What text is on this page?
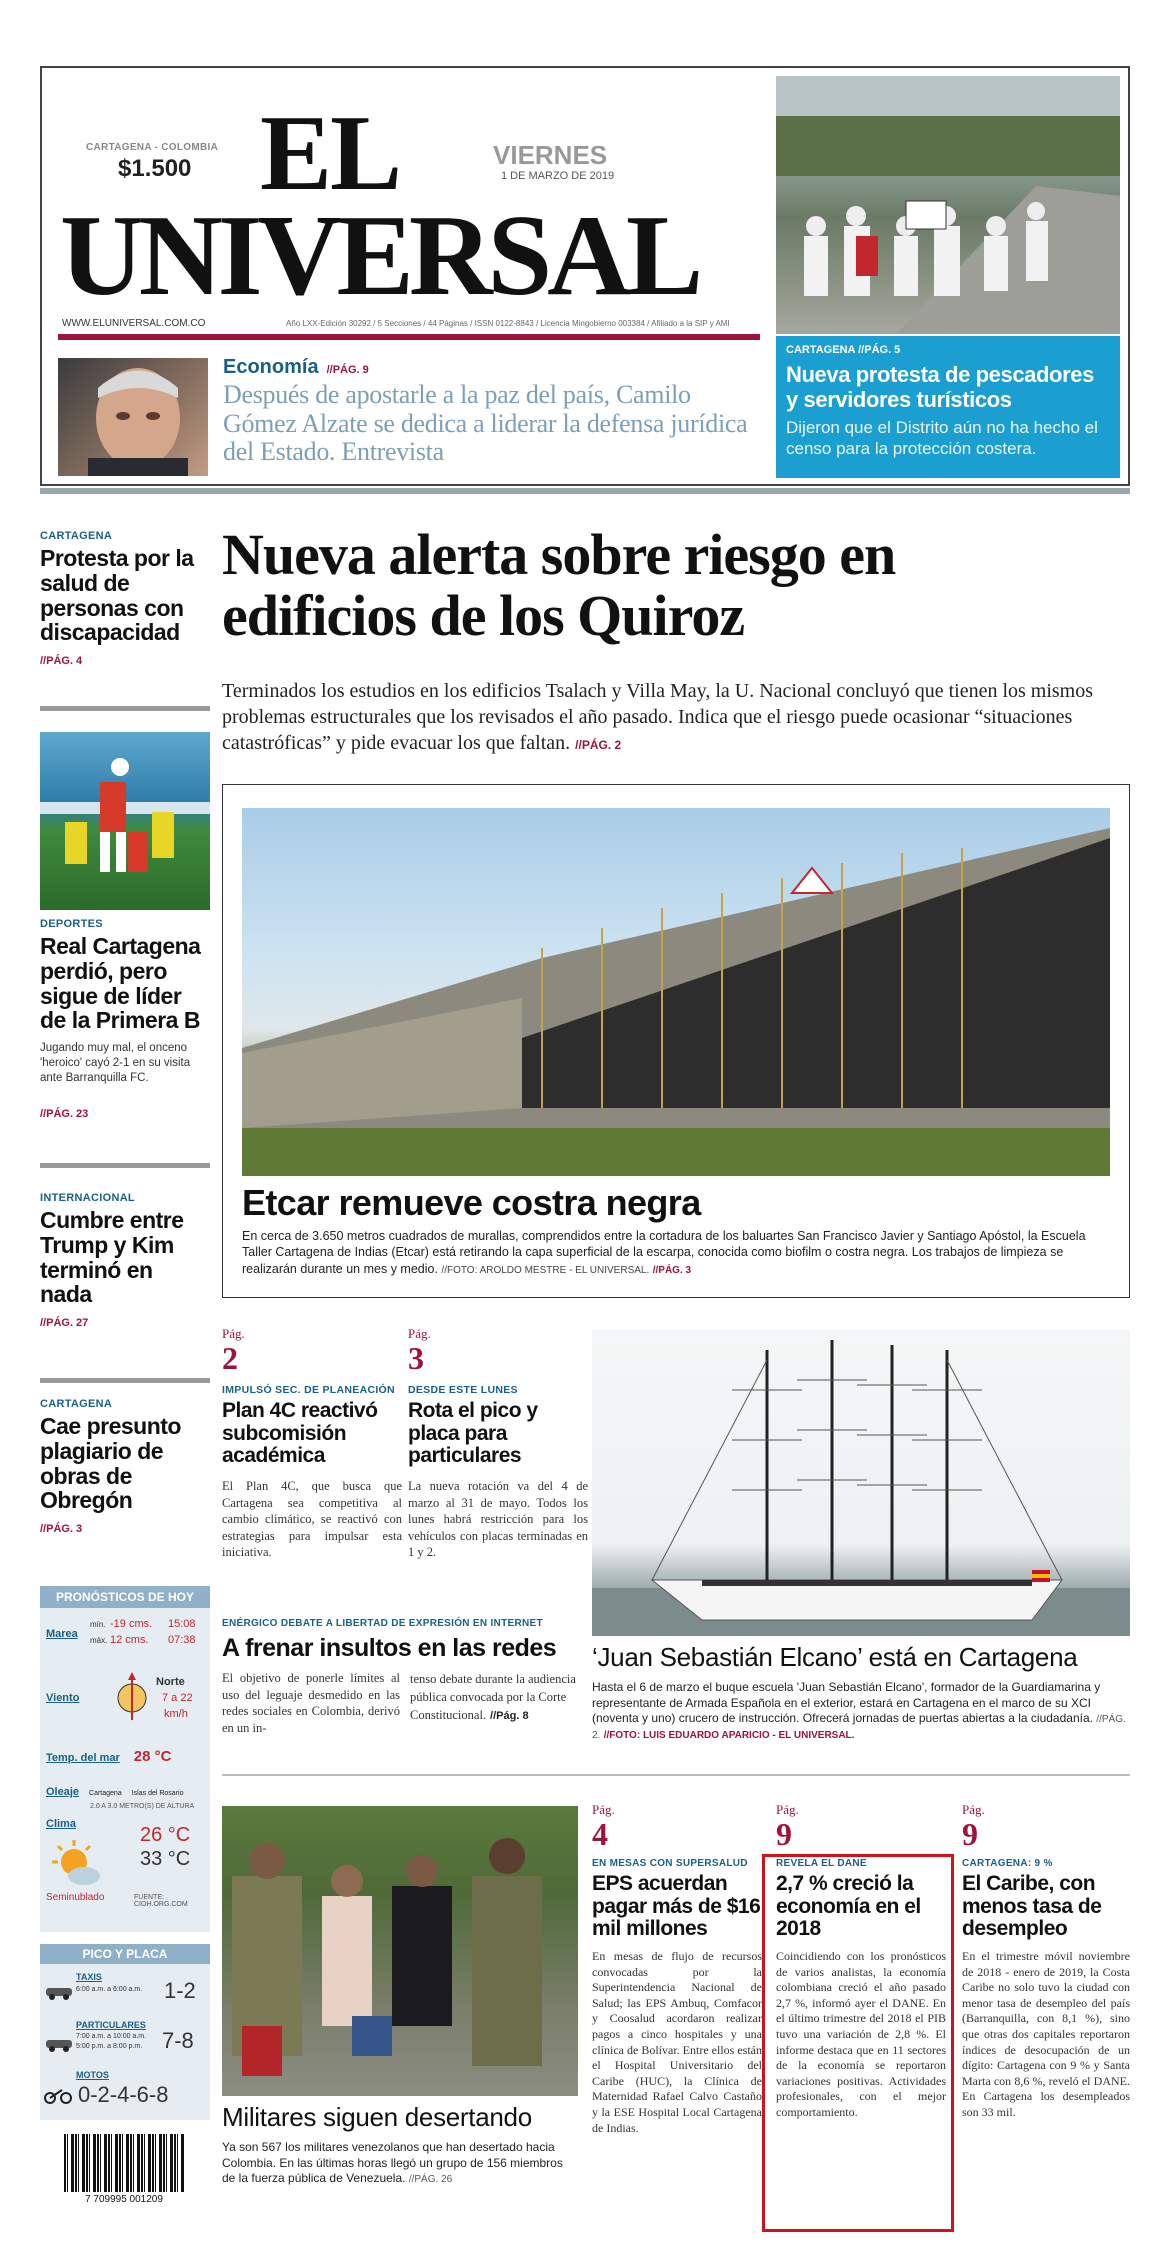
CARTAGENA - COLOMBIA
$1.500 EL
UNIVERSAL
VIERNES
1 DE MARZO DE 2019
WWW.ELUNIVERSAL.COM.CO	Año LXX-Edición 30292 / 5 Secciones / 44 Páginas / ISSN 0122-8843 / Licencia Mingobierno 003384 / Afiliado a la SIP y AMI
CARTAGENA //PÁG. 5
Nueva protesta de pescadores y servidores turísticos
Dijeron que el Distrito aún no ha hecho el censo para la protección costera.
Economía //PÁG. 9
Después de apostarle a la paz del país, Camilo Gómez Alzate se dedica a liderar la defensa jurídica del Estado. Entrevista
CARTAGENA
Protesta por la salud de personas con discapacidad
//PÁG. 4
DEPORTES
Real Cartagena perdió, pero sigue de líder de la Primera B
Jugando muy mal, el onceno 'heroico' cayó 2-1 en su visita ante Barranquilla FC.
//PÁG. 23
INTERNACIONAL
Cumbre entre Trump y Kim terminó en nada
//PÁG. 27
CARTAGENA
Cae presunto plagiario de obras de Obregón
//PÁG. 3
PRONÓSTICOS DE HOY
Marea
mín. -19 cms. 15:08
máx. 12 cms. 07:38
Viento
Norte
7 a 22
km/h
Temp. del mar 28 °C
Oleaje Cartagena Islas del Rosario
2.0 A 3.0 METRO(S) DE ALTURA
Clima	26 °C
33 °C
Seminublado	FUENTE: CIOH.ORG.COM
PICO Y PLACA
TAXIS
6:00 a.m. a 6:00 a.m. 1-2
PARTICULARES
7:00 a.m. a 10:00 a.m.
5:00 p.m. a 8:00 p.m. 7-8
MOTOS
0-2-4-6-8
7 709995 001209
Nueva alerta sobre riesgo en edificios de los Quiroz
Terminados los estudios en los edificios Tsalach y Villa May, la U. Nacional concluyó que tienen los mismos problemas estructurales que los revisados el año pasado. Indica que el riesgo puede ocasionar “situaciones catastróficas” y pide evacuar los que faltan. //PÁG. 2
Etcar remueve costra negra
En cerca de 3.650 metros cuadrados de murallas, comprendidos entre la cortadura de los baluartes San Francisco Javier y Santiago Apóstol, la Escuela Taller Cartagena de Indias (Etcar) está retirando la capa superficial de la escarpa, conocida como biofilm o costra negra. Los trabajos de limpieza se realizarán durante un mes y medio. //FOTO: AROLDO MESTRE - EL UNIVERSAL. //PÁG. 3
Pág.
2
IMPULSÓ SEC. DE PLANEACIÓN
Plan 4C reactivó subcomisión académica
El Plan 4C, que busca que Cartagena sea competitiva al cambio climático, se reactivó con estrategias para impulsar esta iniciativa.
Pág.
3
DESDE ESTE LUNES
Rota el pico y placa para particulares
La nueva rotación va del 4 de marzo al 31 de mayo. Todos los lunes habrá restricción para los vehículos con placas terminadas en 1 y 2.
ENÉRGICO DEBATE A LIBERTAD DE EXPRESIÓN EN INTERNET
A frenar insultos en las redes
El objetivo de ponerle límites al uso del leguaje desmedido en las redes sociales en Colombia, derivó en un in-
tenso debate durante la audiencia pública convocada por la Corte Constitucional. //Pág. 8
‘Juan Sebastián Elcano’ está en Cartagena
Hasta el 6 de marzo el buque escuela 'Juan Sebastián Elcano', formador de la Guardiamarina y representante de Armada Española en el exterior, estará en Cartagena en el marco de su XCI (noventa y uno) crucero de instrucción. Ofrecerá jornadas de puertas abiertas a la ciudadanía. //PÁG. 2. //FOTO: LUIS EDUARDO APARICIO - EL UNIVERSAL.
Militares siguen desertando
Ya son 567 los militares venezolanos que han desertado hacia Colombia. En las últimas horas llegó un grupo de 156 miembros de la fuerza pública de Venezuela. //PÁG. 26
Pág.
4
EN MESAS CON SUPERSALUD
EPS acuerdan pagar más de $16 mil millones
En mesas de flujo de recursos convocadas por la Superintendencia Nacional de Salud; las EPS Ambuq, Comfacor y Coosalud acordaron realizar pagos a cinco hospitales y una clínica de Bolívar. Entre ellos están el Hospital Universitario del Caribe (HUC), la Clínica de Maternidad Rafael Calvo Castaño y la ESE Hospital Local Cartagena de Indias.
Pág.
9
REVELA EL DANE
2,7 % creció la economía en el 2018
Coincidiendo con los pronósticos de varios analistas, la economía colombiana creció el año pasado 2,7 %, informó ayer el DANE. En el último trimestre del 2018 el PIB tuvo una variación de 2,8 %. El informe destaca que en 11 sectores de la economía se reportaron variaciones positivas. Actividades profesionales, con el mejor comportamiento.
Pág.
9
CARTAGENA: 9 %
El Caribe, con menos tasa de desempleo
En el trimestre móvil noviembre de 2018 - enero de 2019, la Costa Caribe no solo tuvo la ciudad con menor tasa de desempleo del país (Barranquilla, con 8,1 %), sino que otras dos capitales reportaron índices de desocupación de un dígito: Cartagena con 9 % y Santa Marta con 8,6 %, reveló el DANE. En Cartagena los desempleados son 33 mil.
